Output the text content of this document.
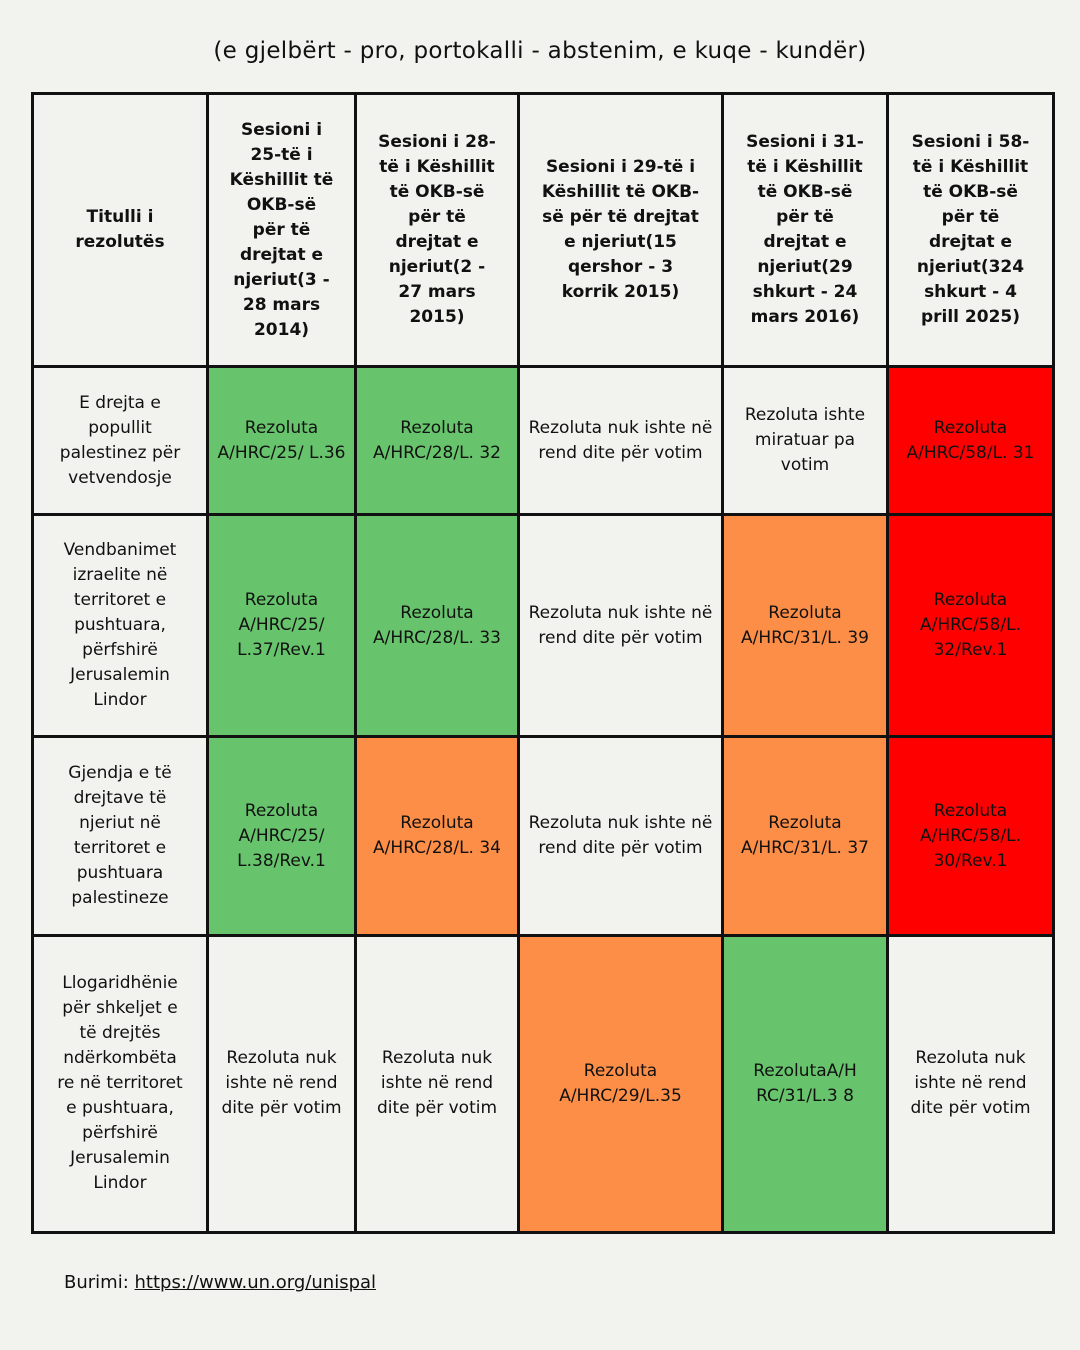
(e gjelbërt - pro, portokalli - abstenim, e kuqe - kundër)
Titulli i rezolutës	Sesioni i 25-të i Këshillit të OKB-së për të drejtat e njeriut(3 - 28 mars 2014)	Sesioni i 28-të i Këshillit të OKB-së për të drejtat e njeriut(2 - 27 mars 2015)	Sesioni i 29-të i Këshillit të OKB-së për të drejtat e njeriut(15 qershor - 3 korrik 2015)	Sesioni i 31-të i Këshillit të OKB-së për të drejtat e njeriut(29 shkurt - 24 mars 2016)	Sesioni i 58-të i Këshillit të OKB-së për të drejtat e njeriut(324 shkurt - 4 prill 2025)
E drejta e popullit palestinez për vetvendosje	Rezoluta A/HRC/25/ L.36	Rezoluta A/HRC/28/L. 32	Rezoluta nuk ishte në rend dite për votim	Rezoluta ishte miratuar pa votim	Rezoluta A/HRC/58/L. 31
Vendbanimet izraelite në territoret e pushtuara, përfshirë Jerusalemin Lindor	Rezoluta A/HRC/25/ L.37/Rev.1	Rezoluta A/HRC/28/L. 33	Rezoluta nuk ishte në rend dite për votim	Rezoluta A/HRC/31/L. 39	Rezoluta A/HRC/58/L. 32/Rev.1
Gjendja e të drejtave të njeriut në territoret e pushtuara palestineze	Rezoluta A/HRC/25/ L.38/Rev.1	Rezoluta A/HRC/28/L. 34	Rezoluta nuk ishte në rend dite për votim	Rezoluta A/HRC/31/L. 37	Rezoluta A/HRC/58/L. 30/Rev.1
Llogaridhënie për shkeljet e të drejtës ndërkombëta re në territoret e pushtuara, përfshirë Jerusalemin Lindor	Rezoluta nuk ishte në rend dite për votim	Rezoluta nuk ishte në rend dite për votim	Rezoluta A/HRC/29/L.35	RezolutaA/H RC/31/L.3 8	Rezoluta nuk ishte në rend dite për votim
Burimi: https://www.un.org/unispal
